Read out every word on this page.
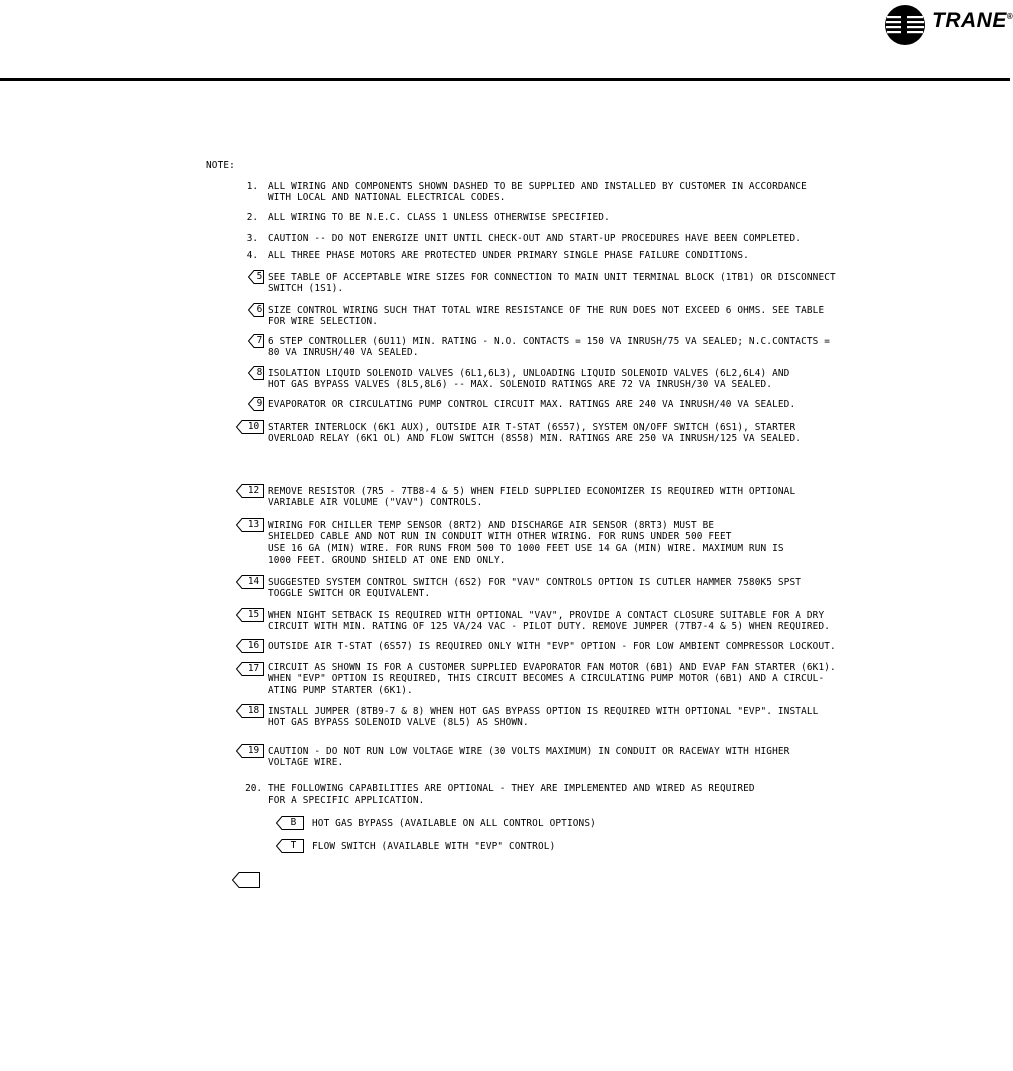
TRANE®
NOTE:
1. ALL WIRING AND COMPONENTS SHOWN DASHED TO BE SUPPLIED AND INSTALLED BY CUSTOMER IN ACCORDANCE
WITH LOCAL AND NATIONAL ELECTRICAL CODES.
2. ALL WIRING TO BE N.E.C. CLASS 1 UNLESS OTHERWISE SPECIFIED.
3. CAUTION -- DO NOT ENERGIZE UNIT UNTIL CHECK-OUT AND START-UP PROCEDURES HAVE BEEN COMPLETED.
4. ALL THREE PHASE MOTORS ARE PROTECTED UNDER PRIMARY SINGLE PHASE FAILURE CONDITIONS.
5 SEE TABLE OF ACCEPTABLE WIRE SIZES FOR CONNECTION TO MAIN UNIT TERMINAL BLOCK (1TB1) OR DISCONNECT
SWITCH (1S1).
6 SIZE CONTROL WIRING SUCH THAT TOTAL WIRE RESISTANCE OF THE RUN DOES NOT EXCEED 6 OHMS. SEE TABLE
FOR WIRE SELECTION.
7 6 STEP CONTROLLER (6U11) MIN. RATING - N.O. CONTACTS = 150 VA INRUSH/75 VA SEALED; N.C.CONTACTS =
80 VA INRUSH/40 VA SEALED.
8 ISOLATION LIQUID SOLENOID VALVES (6L1,6L3), UNLOADING LIQUID SOLENOID VALVES (6L2,6L4) AND
HOT GAS BYPASS VALVES (8L5,8L6) -- MAX. SOLENOID RATINGS ARE 72 VA INRUSH/30 VA SEALED.
9 EVAPORATOR OR CIRCULATING PUMP CONTROL CIRCUIT MAX. RATINGS ARE 240 VA INRUSH/40 VA SEALED.
10 STARTER INTERLOCK (6K1 AUX), OUTSIDE AIR T-STAT (6S57), SYSTEM ON/OFF SWITCH (6S1), STARTER
OVERLOAD RELAY (6K1 OL) AND FLOW SWITCH (8S58) MIN. RATINGS ARE 250 VA INRUSH/125 VA SEALED.
12 REMOVE RESISTOR (7R5 - 7TB8-4 & 5) WHEN FIELD SUPPLIED ECONOMIZER IS REQUIRED WITH OPTIONAL
VARIABLE AIR VOLUME ("VAV") CONTROLS.
13 WIRING FOR CHILLER TEMP SENSOR (8RT2) AND DISCHARGE AIR SENSOR (8RT3) MUST BE
SHIELDED CABLE AND NOT RUN IN CONDUIT WITH OTHER WIRING. FOR RUNS UNDER 500 FEET
USE 16 GA (MIN) WIRE. FOR RUNS FROM 500 TO 1000 FEET USE 14 GA (MIN) WIRE. MAXIMUM RUN IS
1000 FEET. GROUND SHIELD AT ONE END ONLY.
14 SUGGESTED SYSTEM CONTROL SWITCH (6S2) FOR "VAV" CONTROLS OPTION IS CUTLER HAMMER 7580K5 SPST
TOGGLE SWITCH OR EQUIVALENT.
15 WHEN NIGHT SETBACK IS REQUIRED WITH OPTIONAL "VAV", PROVIDE A CONTACT CLOSURE SUITABLE FOR A DRY
CIRCUIT WITH MIN. RATING OF 125 VA/24 VAC - PILOT DUTY. REMOVE JUMPER (7TB7-4 & 5) WHEN REQUIRED.
16 OUTSIDE AIR T-STAT (6S57) IS REQUIRED ONLY WITH "EVP" OPTION - FOR LOW AMBIENT COMPRESSOR LOCKOUT.
17 CIRCUIT AS SHOWN IS FOR A CUSTOMER SUPPLIED EVAPORATOR FAN MOTOR (6B1) AND EVAP FAN STARTER (6K1).
WHEN "EVP" OPTION IS REQUIRED, THIS CIRCUIT BECOMES A CIRCULATING PUMP MOTOR (6B1) AND A CIRCUL-
ATING PUMP STARTER (6K1).
18 INSTALL JUMPER (8TB9-7 & 8) WHEN HOT GAS BYPASS OPTION IS REQUIRED WITH OPTIONAL "EVP". INSTALL
HOT GAS BYPASS SOLENOID VALVE (8L5) AS SHOWN.
19 CAUTION - DO NOT RUN LOW VOLTAGE WIRE (30 VOLTS MAXIMUM) IN CONDUIT OR RACEWAY WITH HIGHER
VOLTAGE WIRE.
20. THE FOLLOWING CAPABILITIES ARE OPTIONAL - THEY ARE IMPLEMENTED AND WIRED AS REQUIRED
FOR A SPECIFIC APPLICATION.
B	HOT GAS BYPASS (AVAILABLE ON ALL CONTROL OPTIONS)
T	FLOW SWITCH (AVAILABLE WITH "EVP" CONTROL)
